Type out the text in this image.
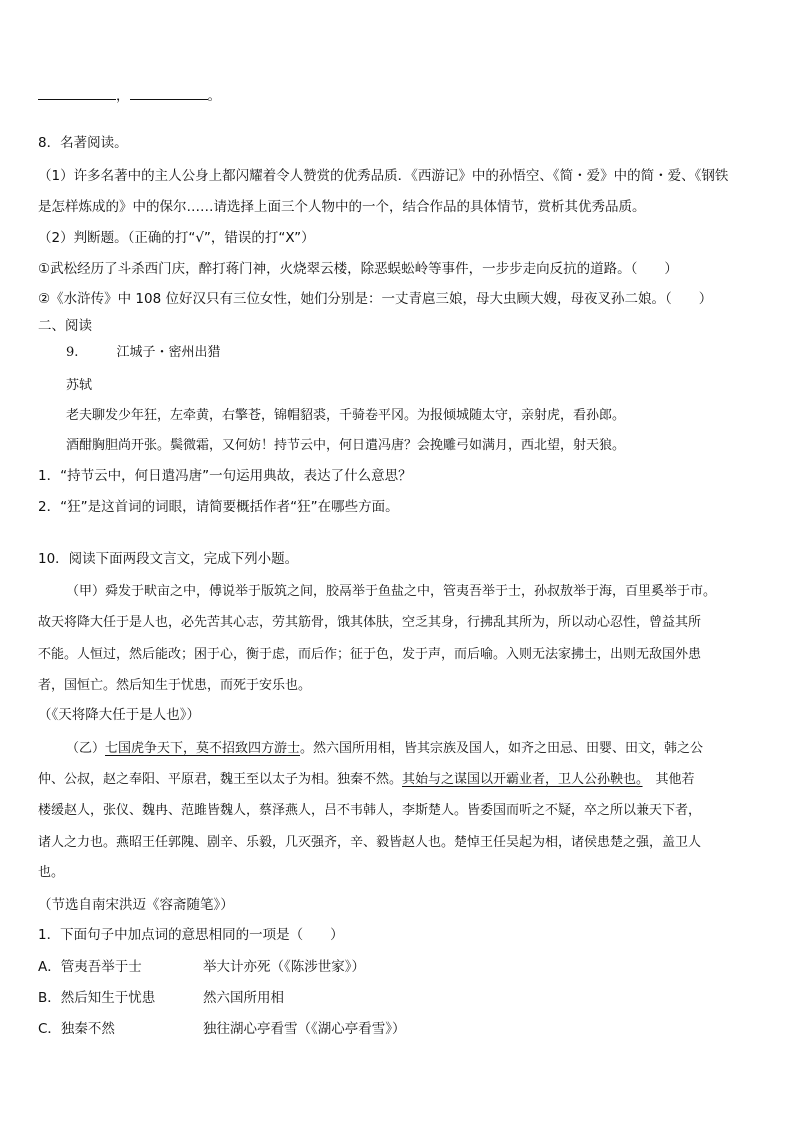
，	。
8．名著阅读。
（1）许多名著中的主人公身上都闪耀着令人赞赏的优秀品质．《西游记》中的孙悟空、《简・爱》中的简・爱、《钢铁
是怎样炼成的》中的保尔……请选择上面三个人物中的一个，结合作品的具体情节，赏析其优秀品质。
（2）判断题。（正确的打“√”，错误的打“X”）
①武松经历了斗杀西门庆，醉打蒋门神，火烧翠云楼，除恶蜈蚣岭等事件，一步步走向反抗的道路。（　　）
②《水浒传》中 108 位好汉只有三位女性，她们分别是：一丈青扈三娘，母大虫顾大嫂，母夜叉孙二娘。（　　）
二、阅读
9.	江城子・密州出猎
苏轼
老夫聊发少年狂，左牵黄，右擎苍，锦帽貂裘，千骑卷平冈。为报倾城随太守，亲射虎，看孙郎。
酒酣胸胆尚开张。鬓微霜，又何妨！持节云中，何日遣冯唐？会挽雕弓如满月，西北望，射天狼。
1．“持节云中，何日遣冯唐”一句运用典故，表达了什么意思？
2．“狂”是这首词的词眼，请简要概括作者“狂”在哪些方面。
10．阅读下面两段文言文，完成下列小题。
（甲）舜发于畎亩之中，傅说举于版筑之间，胶鬲举于鱼盐之中，管夷吾举于士，孙叔敖举于海，百里奚举于市。
故天将降大任于是人也，必先苦其心志，劳其筋骨，饿其体肤，空乏其身，行拂乱其所为，所以动心忍性，曾益其所
不能。人恒过，然后能改；困于心，衡于虑，而后作；征于色，发于声，而后喻。入则无法家拂士，出则无敌国外患
者，国恒亡。然后知生于忧患，而死于安乐也。
（《天将降大任于是人也》）
（乙）七国虎争天下，莫不招致四方游士。然六国所用相，皆其宗族及国人，如齐之田忌、田婴、田文，韩之公
仲、公叔，赵之奉阳、平原君，魏王至以太子为相。独秦不然。其始与之谋国以开霸业者，卫人公孙鞅也。　其他若
楼缓赵人，张仪、魏冉、范雎皆魏人，蔡泽燕人，吕不韦韩人，李斯楚人。皆委国而听之不疑，卒之所以兼天下者，
诸人之力也。燕昭王任郭隗、剧辛、乐毅，几灭强齐，辛、毅皆赵人也。楚悼王任吴起为相，诸侯患楚之强，盖卫人
也。
（节选自南宋洪迈《容斋随笔》）
1．下面句子中加点词的意思相同的一项是（　　）
A．管夷吾举于士	举大计亦死（《陈涉世家》）
B．然后知生于忧患	然六国所用相
C．独秦不然	独往湖心亭看雪（《湖心亭看雪》）
